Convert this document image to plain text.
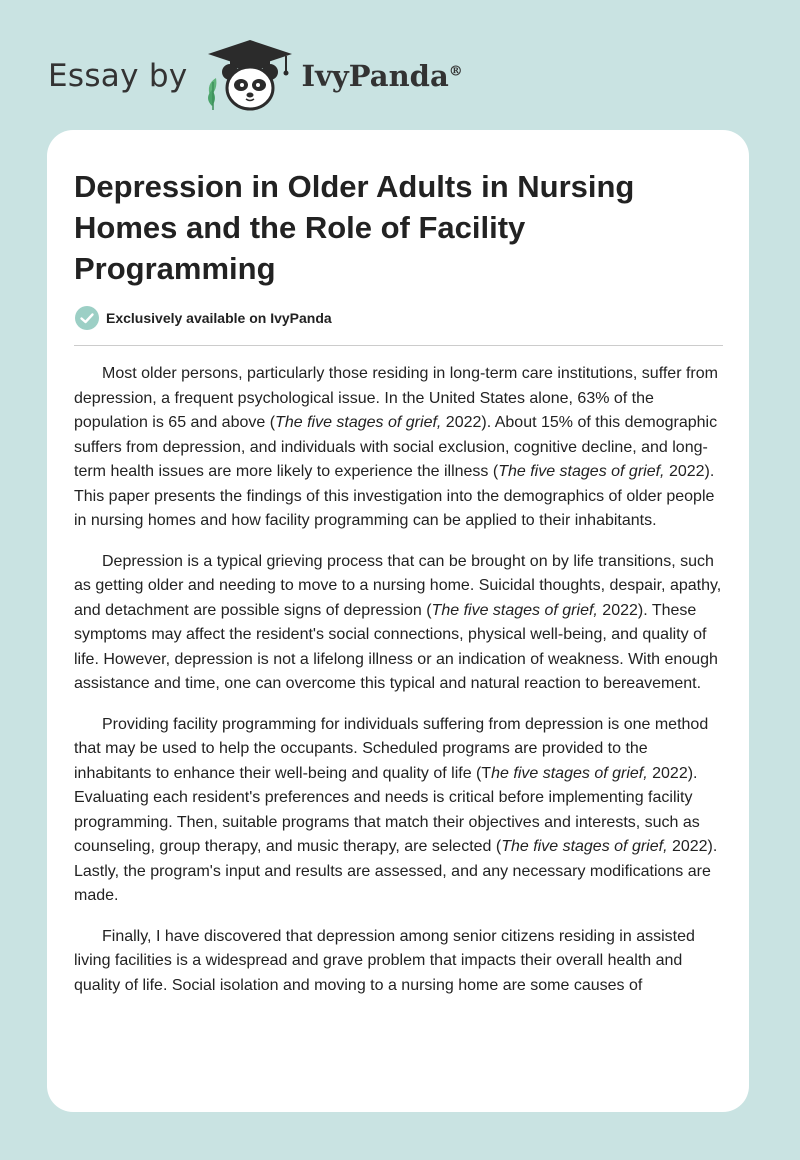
Essay by	IvyPanda®
Depression in Older Adults in Nursing Homes and the Role of Facility Programming
Exclusively available on IvyPanda

Most older persons, particularly those residing in long-term care institutions, suffer from depression, a frequent psychological issue. In the United States alone, 63% of the population is 65 and above (The five stages of grief, 2022). About 15% of this demographic suffers from depression, and individuals with social exclusion, cognitive decline, and long-term health issues are more likely to experience the illness (The five stages of grief, 2022). This paper presents the findings of this investigation into the demographics of older people in nursing homes and how facility programming can be applied to their inhabitants.

Depression is a typical grieving process that can be brought on by life transitions, such as getting older and needing to move to a nursing home. Suicidal thoughts, despair, apathy, and detachment are possible signs of depression (The five stages of grief, 2022). These symptoms may affect the resident's social connections, physical well-being, and quality of life. However, depression is not a lifelong illness or an indication of weakness. With enough assistance and time, one can overcome this typical and natural reaction to bereavement.

Providing facility programming for individuals suffering from depression is one method that may be used to help the occupants. Scheduled programs are provided to the inhabitants to enhance their well-being and quality of life (The five stages of grief, 2022). Evaluating each resident's preferences and needs is critical before implementing facility programming. Then, suitable programs that match their objectives and interests, such as counseling, group therapy, and music therapy, are selected (The five stages of grief, 2022). Lastly, the program's input and results are assessed, and any necessary modifications are made.

Finally, I have discovered that depression among senior citizens residing in assisted living facilities is a widespread and grave problem that impacts their overall health and quality of life. Social isolation and moving to a nursing home are some causes of
